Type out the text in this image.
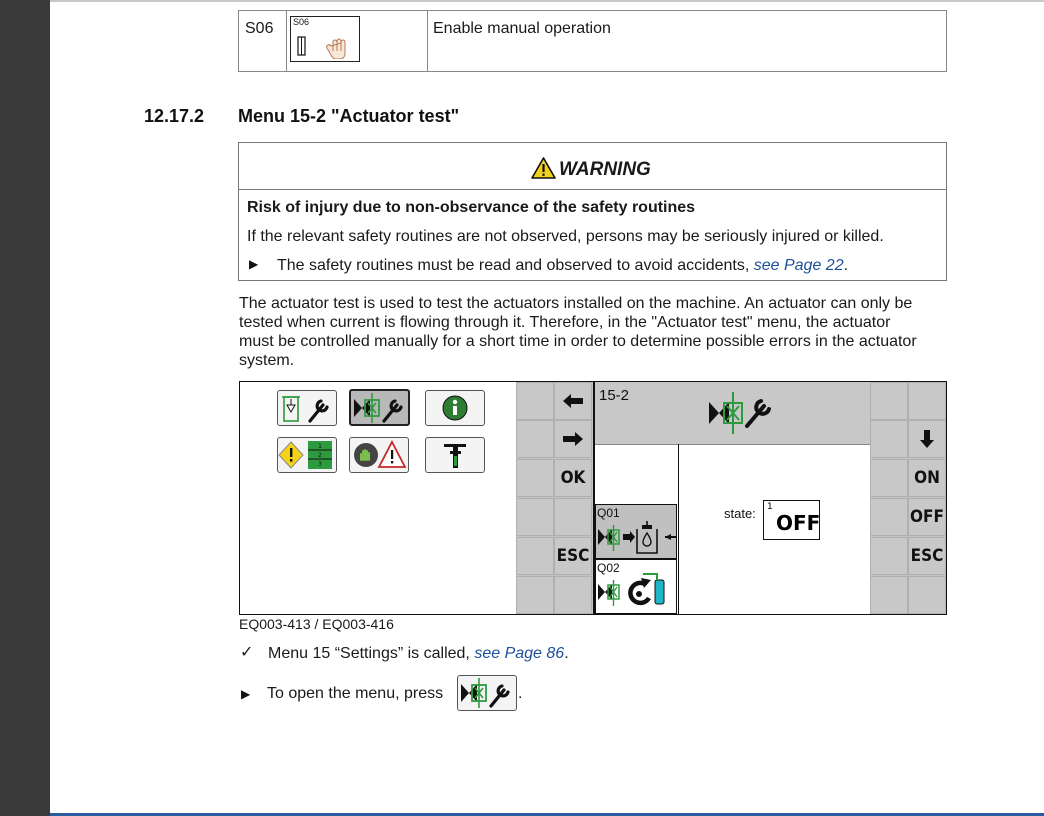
S06 S06	Enable manual operation
12.17.2 Menu 15-2 "Actuator test"
WARNING
Risk of injury due to non-observance of the safety routines
If the relevant safety routines are not observed, persons may be seriously injured or killed.
▶ The safety routines must be read and observed to avoid accidents, see Page 22.
The actuator test is used to test the actuators installed on the machine. An actuator can only be
tested when current is flowing through it. Therefore, in the "Actuator test" menu, the actuator
must be controlled manually for a short time in order to determine possible errors in the actuator
system.
1
2
3
OK
ESC
15-2
Q01
Q02
state: 1
OFF
ON
OFF
ESC
EQ003-413 / EQ003-416
✓ Menu 15 “Settings” is called, see Page 86.
▶ To open the menu, press	.
